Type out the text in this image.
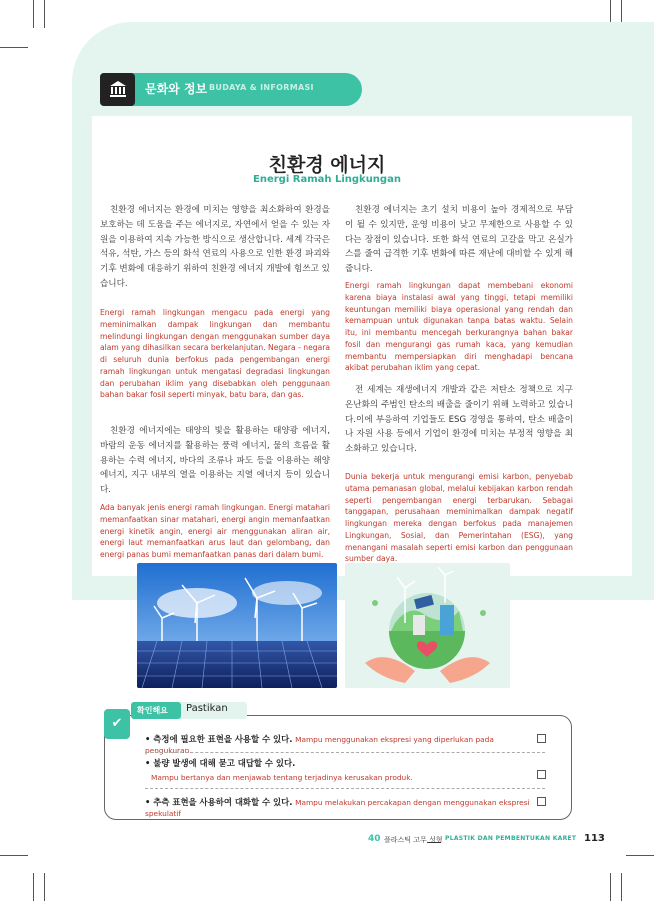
문화와 정보 BUDAYA & INFORMASI
친환경 에너지
Energi Ramah Lingkungan

친환경 에너지는 환경에 미치는 영향을 최소화하여 환경을 보호하는 데 도움을 주는 에너지로, 자연에서 얻을 수 있는 자원을 이용하여 지속 가능한 방식으로 생산합니다. 세계 각국은 석유, 석탄, 가스 등의 화석 연료의 사용으로 인한 환경 파괴와 기후 변화에 대응하기 위하여 친환경 에너지 개발에 힘쓰고 있습니다.

Energi ramah lingkungan mengacu pada energi yang meminimalkan dampak lingkungan dan membantu melindungi lingkungan dengan menggunakan sumber daya alam yang dihasilkan secara berkelanjutan. Negara - negara di seluruh dunia berfokus pada pengembangan energi ramah lingkungan untuk mengatasi degradasi lingkungan dan perubahan iklim yang disebabkan oleh penggunaan bahan bakar fosil seperti minyak, batu bara, dan gas.

친환경 에너지에는 태양의 빛을 활용하는 태양광 에너지, 바람의 운동 에너지를 활용하는 풍력 에너지, 물의 흐름을 활용하는 수력 에너지, 바다의 조류나 파도 등을 이용하는 해양 에너지, 지구 내부의 열을 이용하는 지열 에너지 등이 있습니다.

Ada banyak jenis energi ramah lingkungan. Energi matahari memanfaatkan sinar matahari, energi angin memanfaatkan energi kinetik angin, energi air menggunakan aliran air, energi laut memanfaatkan arus laut dan gelombang, dan energi panas bumi memanfaatkan panas dari dalam bumi.

친환경 에너지는 초기 설치 비용이 높아 경제적으로 부담이 될 수 있지만, 운영 비용이 낮고 무제한으로 사용할 수 있다는 장점이 있습니다. 또한 화석 연료의 고갈을 막고 온실가스를 줄여 급격한 기후 변화에 따른 재난에 대비할 수 있게 해 줍니다.

Energi ramah lingkungan dapat membebani ekonomi karena biaya instalasi awal yang tinggi, tetapi memiliki keuntungan memiliki biaya operasional yang rendah dan kemampuan untuk digunakan tanpa batas waktu. Selain itu, ini membantu mencegah berkurangnya bahan bakar fosil dan mengurangi gas rumah kaca, yang kemudian membantu mempersiapkan diri menghadapi bencana akibat perubahan iklim yang cepat.

전 세계는 재생에너지 개발과 같은 저탄소 정책으로 지구 온난화의 주범인 탄소의 배출을 줄이기 위해 노력하고 있습니다.이에 부응하여 기업들도 ESG 경영을 통하여, 탄소 배출이나 자원 사용 등에서 기업이 환경에 미치는 부정적 영향을 최소화하고 있습니다.

Dunia bekerja untuk mengurangi emisi karbon, penyebab utama pemanasan global, melalui kebijakan karbon rendah seperti pengembangan energi terbarukan. Sebagai tanggapan, perusahaan meminimalkan dampak negatif lingkungan mereka dengan berfokus pada manajemen Lingkungan, Sosial, dan Pemerintahan (ESG), yang menangani masalah seperti emisi karbon dan penggunaan sumber daya.

확인해요 Pastikan
✔
• 측정에 필요한 표현을 사용할 수 있다. Mampu menggunakan ekspresi yang diperlukan pada pengukuran.
• 불량 발생에 대해 묻고 대답할 수 있다.
Mampu bertanya dan menjawab tentang terjadinya kerusakan produk.
• 추측 표현을 사용하여 대화할 수 있다. Mampu melakukan percakapan dengan menggunakan ekspresi spekulatif
40 플라스틱 고무 성형 PLASTIK DAN PEMBENTUKAN KARET 113
